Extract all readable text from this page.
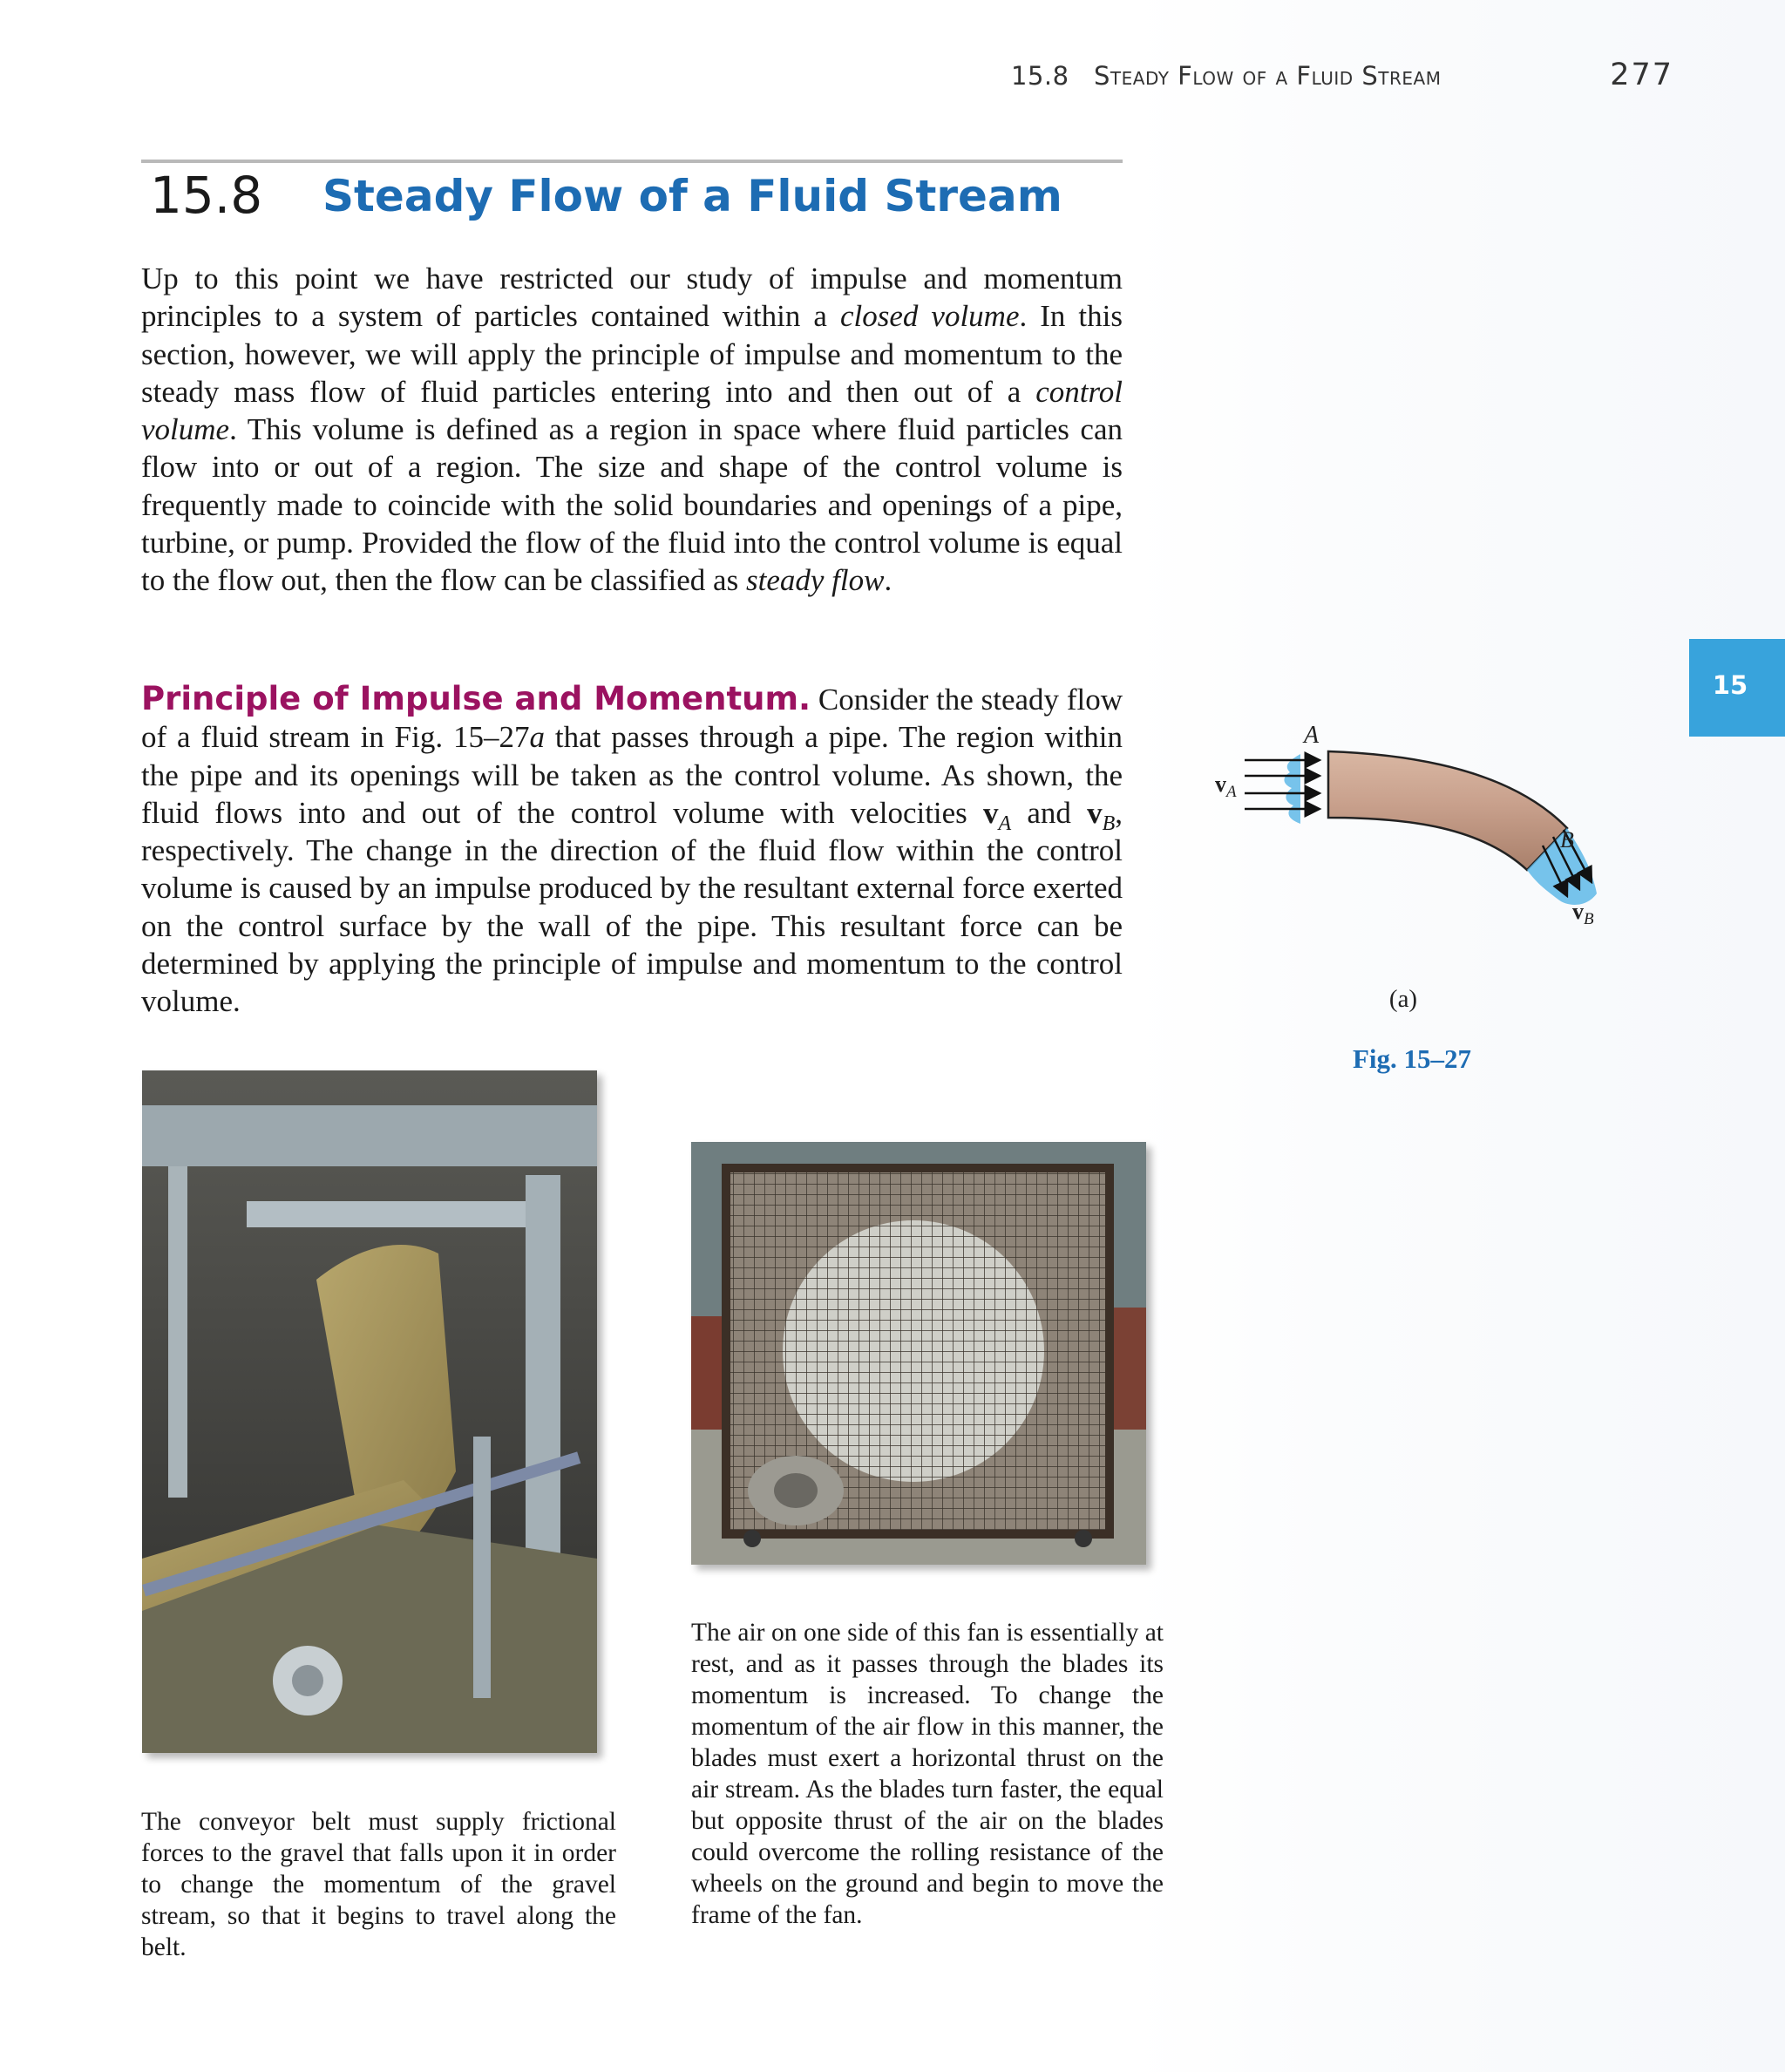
15.8 Steady Flow of a Fluid Stream	277
15.8 Steady Flow of a Fluid Stream
Up to this point we have restricted our study of impulse and momentum principles to a system of particles contained within a closed volume. In this section, however, we will apply the principle of impulse and momentum to the steady mass flow of fluid particles entering into and then out of a control volume. This volume is defined as a region in space where fluid particles can flow into or out of a region. The size and shape of the control volume is frequently made to coincide with the solid boundaries and openings of a pipe, turbine, or pump. Provided the flow of the fluid into the control volume is equal to the flow out, then the flow can be classified as steady flow.
Principle of Impulse and Momentum. Consider the steady flow of a fluid stream in Fig. 15–27a that passes through a pipe. The region within the pipe and its openings will be taken as the control volume. As shown, the fluid flows into and out of the control volume with velocities $v_A$ and $v_B$, respectively. The change in the direction of the fluid flow within the control volume is caused by an impulse produced by the resultant external force exerted on the control surface by the wall of the pipe. This resultant force can be determined by applying the principle of impulse and momentum to the control volume.
15
A
B
$v_A$
$v_B$
(a)
Fig. 15–27
The conveyor belt must supply frictional forces to the gravel that falls upon it in order to change the momentum of the gravel stream, so that it begins to travel along the belt.
The air on one side of this fan is essentially at rest, and as it passes through the blades its momentum is increased. To change the momentum of the air flow in this manner, the blades must exert a horizontal thrust on the air stream. As the blades turn faster, the equal but opposite thrust of the air on the blades could overcome the rolling resistance of the wheels on the ground and begin to move the frame of the fan.
